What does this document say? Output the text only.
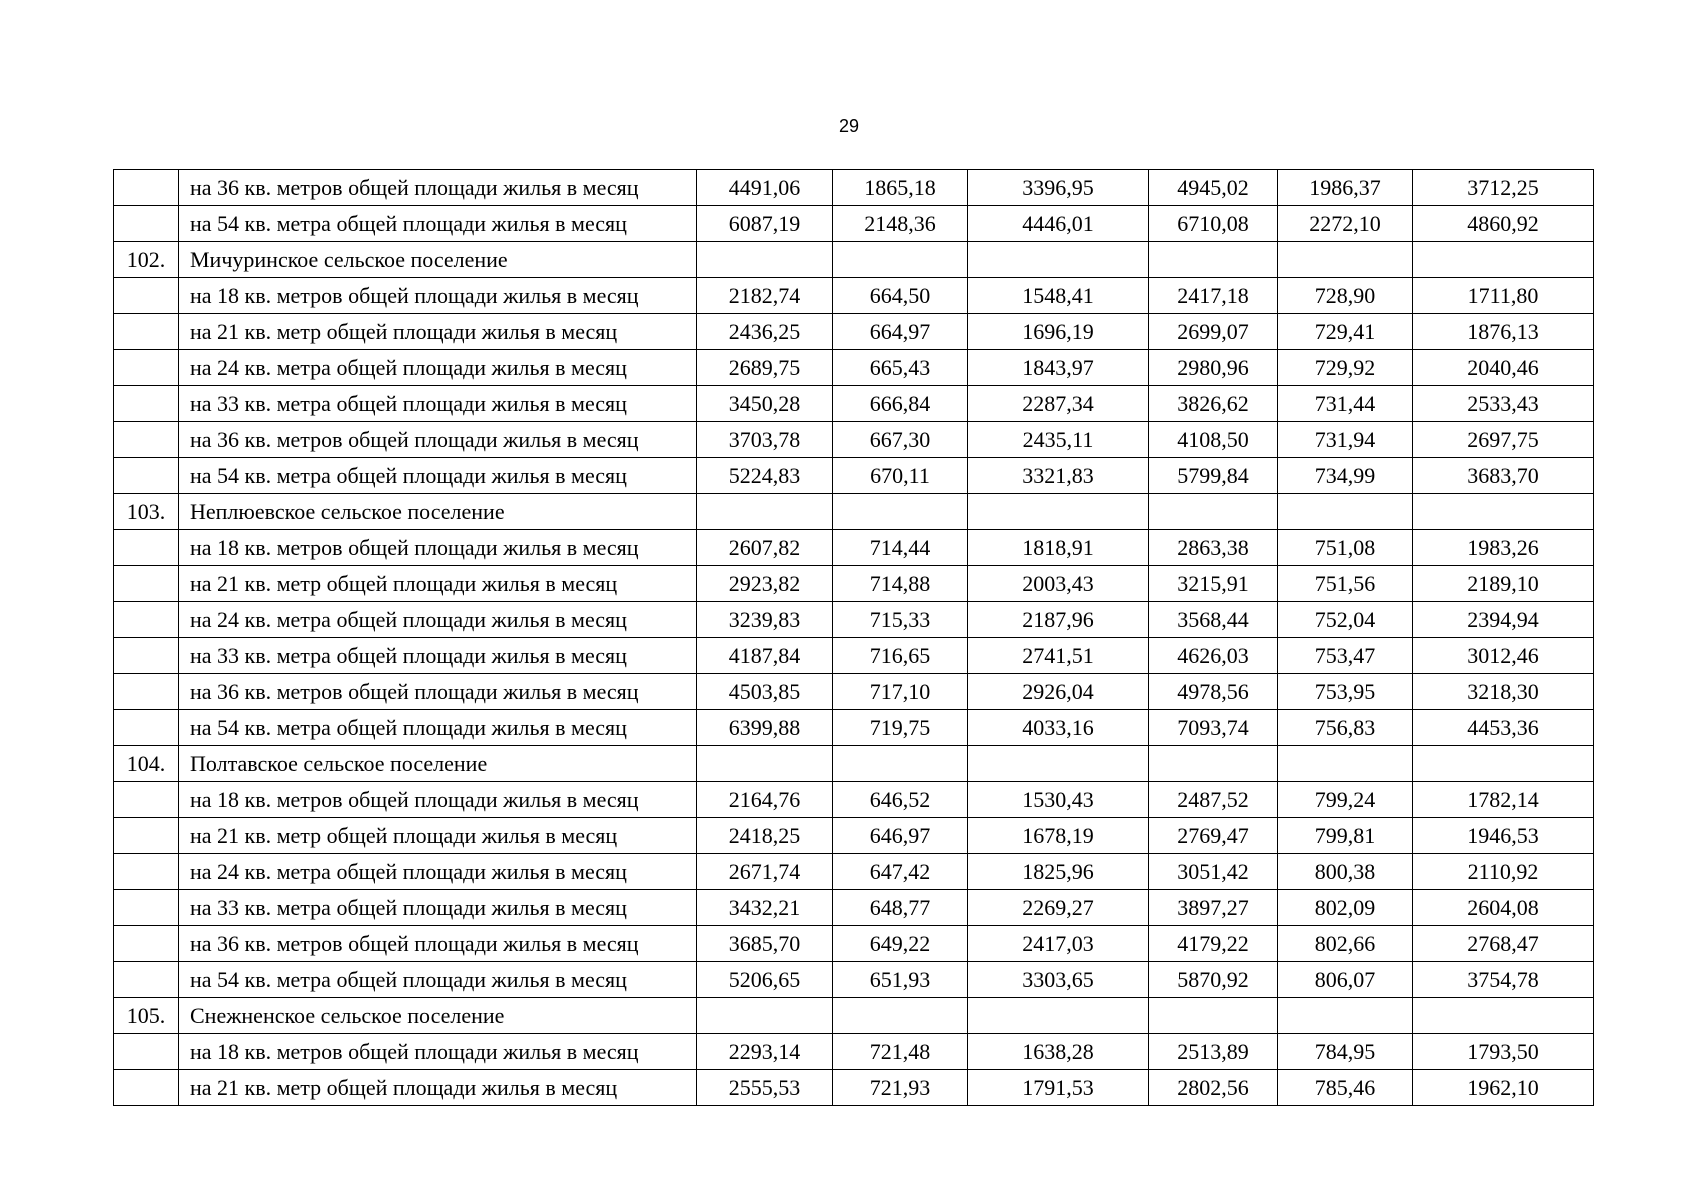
29
	на 36 кв. метров общей площади жилья в месяц	4491,06	1865,18	3396,95	4945,02	1986,37	3712,25
	на 54 кв. метра общей площади жилья в месяц	6087,19	2148,36	4446,01	6710,08	2272,10	4860,92
102.	Мичуринское сельское поселение						
	на 18 кв. метров общей площади жилья в месяц	2182,74	664,50	1548,41	2417,18	728,90	1711,80
	на 21 кв. метр общей площади жилья в месяц	2436,25	664,97	1696,19	2699,07	729,41	1876,13
	на 24 кв. метра общей площади жилья в месяц	2689,75	665,43	1843,97	2980,96	729,92	2040,46
	на 33 кв. метра общей площади жилья в месяц	3450,28	666,84	2287,34	3826,62	731,44	2533,43
	на 36 кв. метров общей площади жилья в месяц	3703,78	667,30	2435,11	4108,50	731,94	2697,75
	на 54 кв. метра общей площади жилья в месяц	5224,83	670,11	3321,83	5799,84	734,99	3683,70
103.	Неплюевское сельское поселение						
	на 18 кв. метров общей площади жилья в месяц	2607,82	714,44	1818,91	2863,38	751,08	1983,26
	на 21 кв. метр общей площади жилья в месяц	2923,82	714,88	2003,43	3215,91	751,56	2189,10
	на 24 кв. метра общей площади жилья в месяц	3239,83	715,33	2187,96	3568,44	752,04	2394,94
	на 33 кв. метра общей площади жилья в месяц	4187,84	716,65	2741,51	4626,03	753,47	3012,46
	на 36 кв. метров общей площади жилья в месяц	4503,85	717,10	2926,04	4978,56	753,95	3218,30
	на 54 кв. метра общей площади жилья в месяц	6399,88	719,75	4033,16	7093,74	756,83	4453,36
104.	Полтавское сельское поселение						
	на 18 кв. метров общей площади жилья в месяц	2164,76	646,52	1530,43	2487,52	799,24	1782,14
	на 21 кв. метр общей площади жилья в месяц	2418,25	646,97	1678,19	2769,47	799,81	1946,53
	на 24 кв. метра общей площади жилья в месяц	2671,74	647,42	1825,96	3051,42	800,38	2110,92
	на 33 кв. метра общей площади жилья в месяц	3432,21	648,77	2269,27	3897,27	802,09	2604,08
	на 36 кв. метров общей площади жилья в месяц	3685,70	649,22	2417,03	4179,22	802,66	2768,47
	на 54 кв. метра общей площади жилья в месяц	5206,65	651,93	3303,65	5870,92	806,07	3754,78
105.	Снежненское сельское поселение						
	на 18 кв. метров общей площади жилья в месяц	2293,14	721,48	1638,28	2513,89	784,95	1793,50
	на 21 кв. метр общей площади жилья в месяц	2555,53	721,93	1791,53	2802,56	785,46	1962,10
